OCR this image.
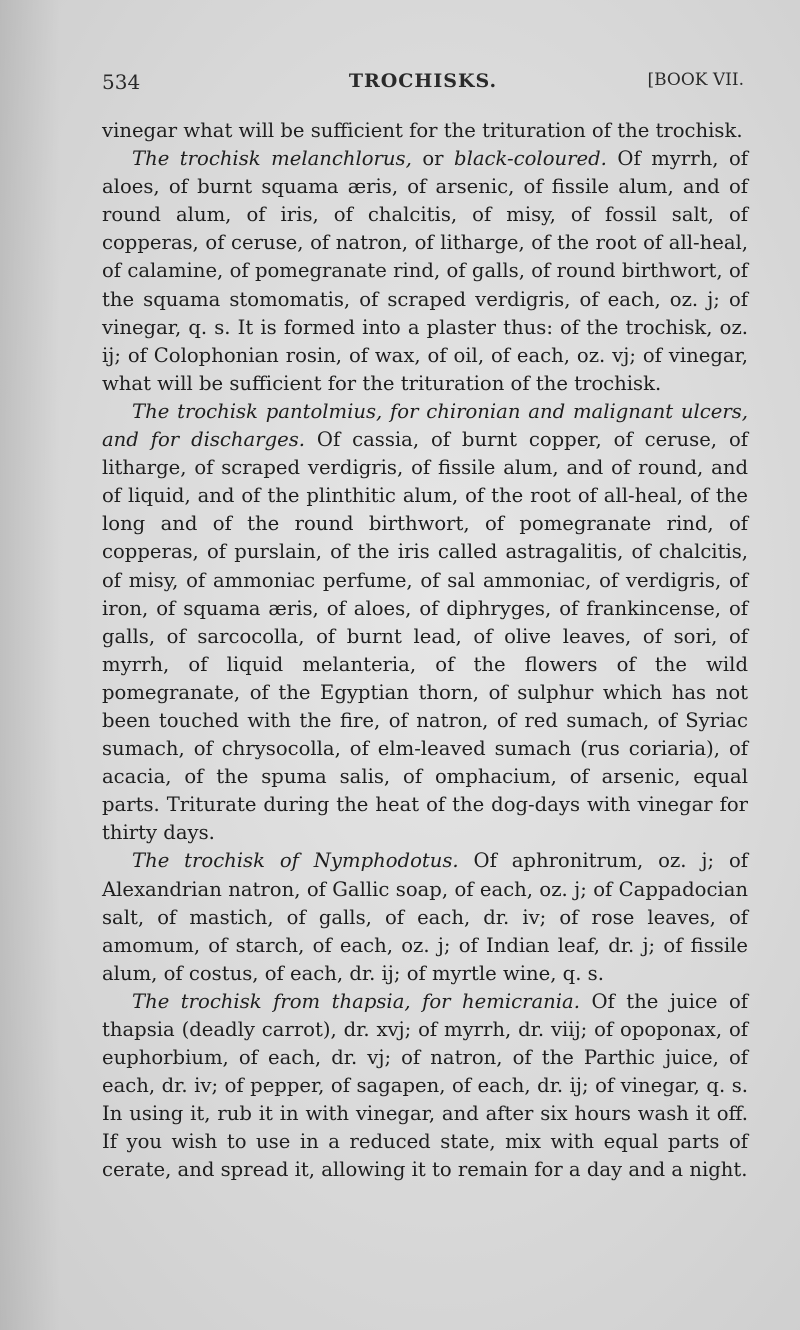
534	TROCHISKS.	[BOOK VII.

vinegar what will be sufficient for the trituration of the trochisk.

The trochisk melanchlorus, or black-coloured. Of myrrh, of aloes, of burnt squama æris, of arsenic, of fissile alum, and of round alum, of iris, of chalcitis, of misy, of fossil salt, of copperas, of ceruse, of natron, of litharge, of the root of all-heal, of calamine, of pomegranate rind, of galls, of round birthwort, of the squama stomomatis, of scraped verdigris, of each, oz. j; of vinegar, q. s. It is formed into a plaster thus: of the trochisk, oz. ij; of Colophonian rosin, of wax, of oil, of each, oz. vj; of vinegar, what will be sufficient for the trituration of the trochisk.

The trochisk pantolmius, for chironian and malignant ulcers, and for discharges. Of cassia, of burnt copper, of ceruse, of litharge, of scraped verdigris, of fissile alum, and of round, and of liquid, and of the plinthitic alum, of the root of all-heal, of the long and of the round birthwort, of pomegranate rind, of copperas, of purslain, of the iris called astragalitis, of chalcitis, of misy, of ammoniac perfume, of sal ammoniac, of verdigris, of iron, of squama æris, of aloes, of diphryges, of frankincense, of galls, of sarcocolla, of burnt lead, of olive leaves, of sori, of myrrh, of liquid melanteria, of the flowers of the wild pomegranate, of the Egyptian thorn, of sulphur which has not been touched with the fire, of natron, of red sumach, of Syriac sumach, of chrysocolla, of elm-leaved sumach (rus coriaria), of acacia, of the spuma salis, of omphacium, of arsenic, equal parts. Triturate during the heat of the dog-days with vinegar for thirty days.

The trochisk of Nymphodotus. Of aphronitrum, oz. j; of Alexandrian natron, of Gallic soap, of each, oz. j; of Cappadocian salt, of mastich, of galls, of each, dr. iv; of rose leaves, of amomum, of starch, of each, oz. j; of Indian leaf, dr. j; of fissile alum, of costus, of each, dr. ij; of myrtle wine, q. s.

The trochisk from thapsia, for hemicrania. Of the juice of thapsia (deadly carrot), dr. xvj; of myrrh, dr. viij; of opoponax, of euphorbium, of each, dr. vj; of natron, of the Parthic juice, of each, dr. iv; of pepper, of sagapen, of each, dr. ij; of vinegar, q. s. In using it, rub it in with vinegar, and after six hours wash it off. If you wish to use in a reduced state, mix with equal parts of cerate, and spread it, allowing it to remain for a day and a night.
